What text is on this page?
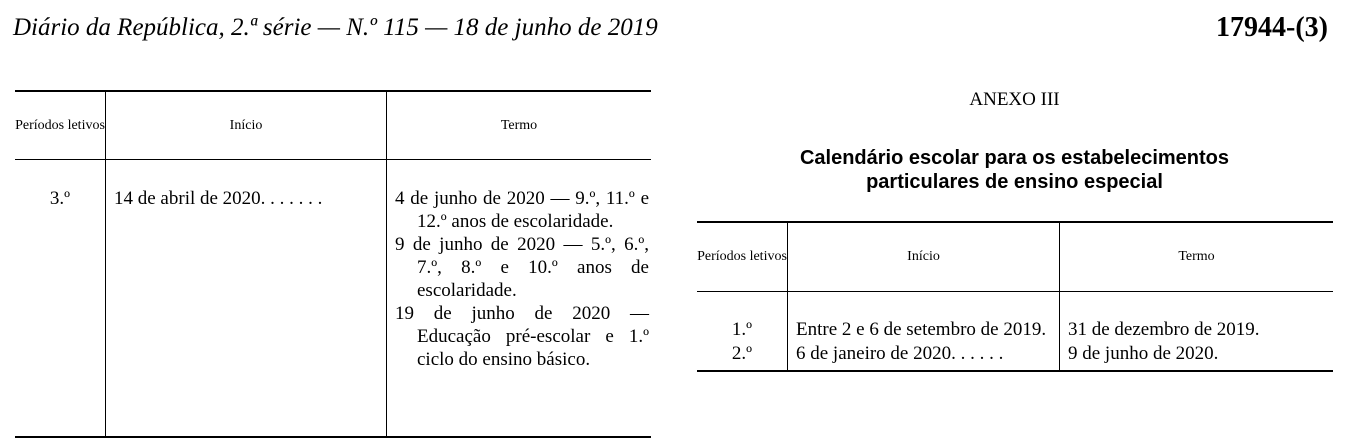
Diário da República, 2.ª série — N.º 115 — 18 de junho de 2019	17944-(3)
Períodos letivos	Início	Termo
3.º	14 de abril de 2020. . . . . . .	4 de junho de 2020 — 9.º, 11.º e 12.º anos de escolaridade.

9 de junho de 2020 — 5.º, 6.º, 7.º, 8.º e 10.º anos de escolaridade.

19 de junho de 2020 — Educação pré-escolar e 1.º ciclo do ensino básico.

ANEXO III
Calendário escolar para os estabelecimentos particulares de ensino especial
Períodos letivos	Início	Termo
1.º	Entre 2 e 6 de setembro de 2019.	31 de dezembro de 2019.
2.º	6 de janeiro de 2020. . . . . .	9 de junho de 2020.
